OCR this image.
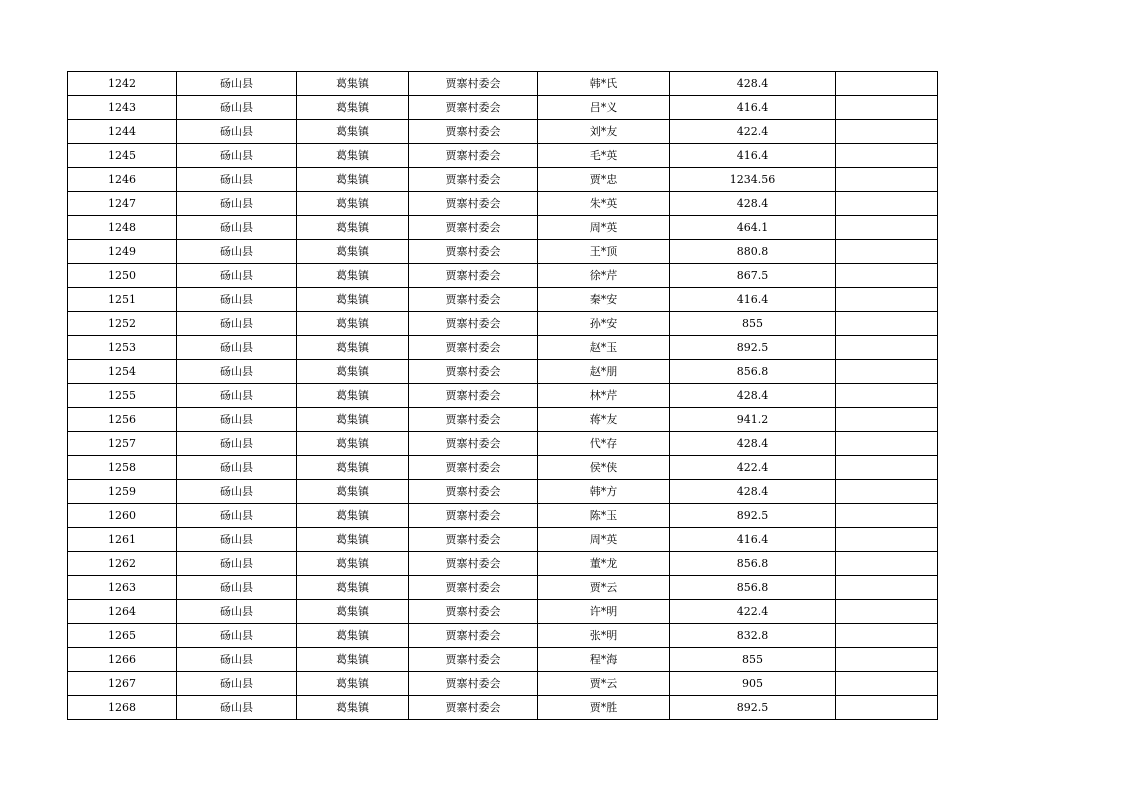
1242	砀山县	葛集镇	贾寨村委会	韩*氏	428.4	
1243	砀山县	葛集镇	贾寨村委会	吕*义	416.4	
1244	砀山县	葛集镇	贾寨村委会	刘*友	422.4	
1245	砀山县	葛集镇	贾寨村委会	毛*英	416.4	
1246	砀山县	葛集镇	贾寨村委会	贾*忠	1234.56	
1247	砀山县	葛集镇	贾寨村委会	朱*英	428.4	
1248	砀山县	葛集镇	贾寨村委会	周*英	464.1	
1249	砀山县	葛集镇	贾寨村委会	王*顶	880.8	
1250	砀山县	葛集镇	贾寨村委会	徐*芹	867.5	
1251	砀山县	葛集镇	贾寨村委会	秦*安	416.4	
1252	砀山县	葛集镇	贾寨村委会	孙*安	855	
1253	砀山县	葛集镇	贾寨村委会	赵*玉	892.5	
1254	砀山县	葛集镇	贾寨村委会	赵*朋	856.8	
1255	砀山县	葛集镇	贾寨村委会	林*芹	428.4	
1256	砀山县	葛集镇	贾寨村委会	蒋*友	941.2	
1257	砀山县	葛集镇	贾寨村委会	代*存	428.4	
1258	砀山县	葛集镇	贾寨村委会	侯*侠	422.4	
1259	砀山县	葛集镇	贾寨村委会	韩*方	428.4	
1260	砀山县	葛集镇	贾寨村委会	陈*玉	892.5	
1261	砀山县	葛集镇	贾寨村委会	周*英	416.4	
1262	砀山县	葛集镇	贾寨村委会	董*龙	856.8	
1263	砀山县	葛集镇	贾寨村委会	贾*云	856.8	
1264	砀山县	葛集镇	贾寨村委会	许*明	422.4	
1265	砀山县	葛集镇	贾寨村委会	张*明	832.8	
1266	砀山县	葛集镇	贾寨村委会	程*海	855	
1267	砀山县	葛集镇	贾寨村委会	贾*云	905	
1268	砀山县	葛集镇	贾寨村委会	贾*胜	892.5	
